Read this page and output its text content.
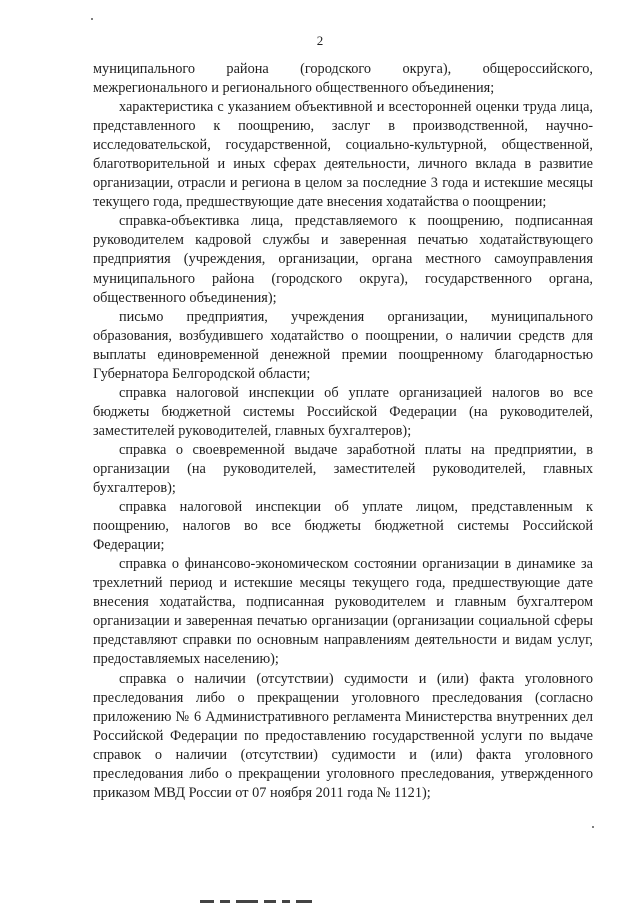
2

муниципального района (городского округа), общероссийского, межрегионального и регионального общественного объединения;

характеристика с указанием объективной и всесторонней оценки труда лица, представленного к поощрению, заслуг в производственной, научно-исследовательской, государственной, социально-культурной, общественной, благотворительной и иных сферах деятельности, личного вклада в развитие организации, отрасли и региона в целом за последние 3 года и истекшие месяцы текущего года, предшествующие дате внесения ходатайства о поощрении;

справка-объективка лица, представляемого к поощрению, подписанная руководителем кадровой службы и заверенная печатью ходатайствующего предприятия (учреждения, организации, органа местного самоуправления муниципального района (городского округа), государственного органа, общественного объединения);

письмо предприятия, учреждения организации, муниципального образования, возбудившего ходатайство о поощрении, о наличии средств для выплаты единовременной денежной премии поощренному благодарностью Губернатора Белгородской области;

справка налоговой инспекции об уплате организацией налогов во все бюджеты бюджетной системы Российской Федерации (на руководителей, заместителей руководителей, главных бухгалтеров);

справка о своевременной выдаче заработной платы на предприятии, в организации (на руководителей, заместителей руководителей, главных бухгалтеров);

справка налоговой инспекции об уплате лицом, представленным к поощрению, налогов во все бюджеты бюджетной системы Российской Федерации;

справка о финансово-экономическом состоянии организации в динамике за трехлетний период и истекшие месяцы текущего года, предшествующие дате внесения ходатайства, подписанная руководителем и главным бухгалтером организации и заверенная печатью организации (организации социальной сферы представляют справки по основным направлениям деятельности и видам услуг, предоставляемых населению);

справка о наличии (отсутствии) судимости и (или) факта уголовного преследования либо о прекращении уголовного преследования (согласно приложению № 6 Административного регламента Министерства внутренних дел Российской Федерации по предоставлению государственной услуги по выдаче справок о наличии (отсутствии) судимости и (или) факта уголовного преследования либо о прекращении уголовного преследования, утвержденного приказом МВД России от 07 ноября 2011 года № 1121);
